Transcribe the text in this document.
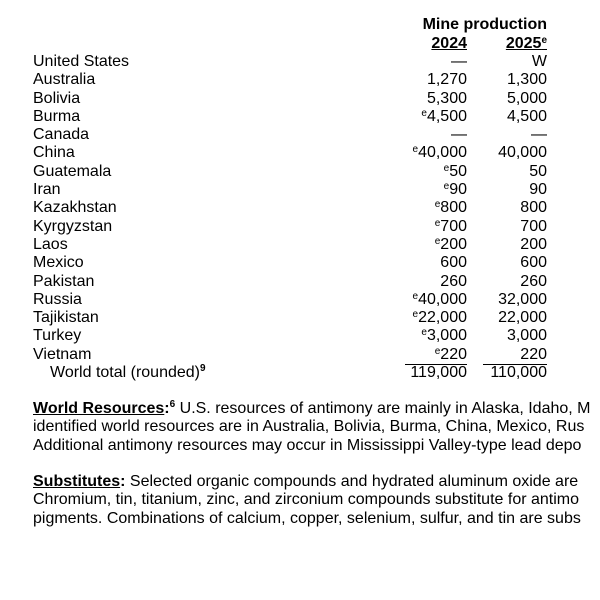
Mine production
2024	2025e
United States	—	W
Australia	1,270	1,300
Bolivia	5,300	5,000
Burma	$^e$4,500	4,500
Canada	—	—
China	$^e$40,000	40,000
Guatemala	$^e$50	50
Iran	$^e$90	90
Kazakhstan	$^e$800	800
Kyrgyzstan	$^e$700	700
Laos	$^e$200	200
Mexico	600	600
Pakistan	260	260
Russia	$^e$40,000	32,000
Tajikistan	$^e$22,000	22,000
Turkey	$^e$3,000	3,000
Vietnam	$^e$220	220
World total (rounded)$^9$	119,000	110,000
World Resources:$^6$ U.S. resources of antimony are mainly in Alaska, Idaho, M
identified world resources are in Australia, Bolivia, Burma, China, Mexico, Rus
Additional antimony resources may occur in Mississippi Valley-type lead depo
Substitutes: Selected organic compounds and hydrated aluminum oxide are
Chromium, tin, titanium, zinc, and zirconium compounds substitute for antimo
pigments. Combinations of calcium, copper, selenium, sulfur, and tin are subs
